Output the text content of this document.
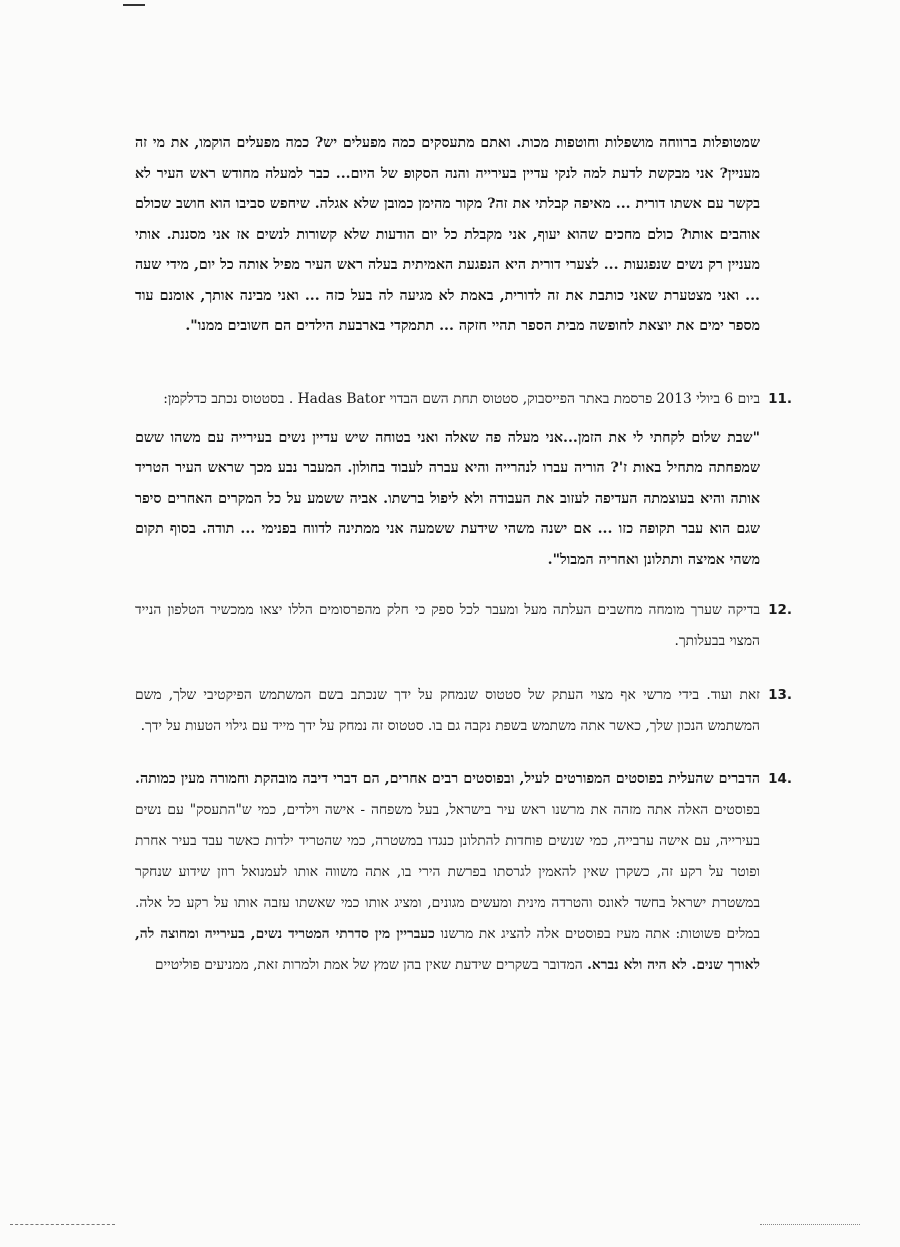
שמטופלות ברווחה מושפלות וחוטפות מכות. ואתם מתעסקים כמה מפעלים יש? כמה מפעלים הוקמו, את מי זה מעניין? אני מבקשת לדעת למה לנקי עדיין בעירייה והנה הסקופ של היום... כבר למעלה מחודש ראש העיר לא בקשר עם אשתו דורית ... מאיפה קבלתי את זה? מקור מהימן כמובן שלא אגלה. שיחפש סביבו הוא חושב שכולם אוהבים אותו? כולם מחכים שהוא יעוף, אני מקבלת כל יום הודעות שלא קשורות לנשים אז אני מסננת. אותי מעניין רק נשים שנפגעות ... לצערי דורית היא הנפגעת האמיתית בעלה ראש העיר מפיל אותה כל יום, מידי שעה ... ואני מצטערת שאני כותבת את זה לדורית, באמת לא מגיעה לה בעל כזה ... ואני מבינה אותך, אומנם עוד מספר ימים את יוצאת לחופשה מבית הספר תהיי חזקה ... תתמקדי בארבעת הילדים הם חשובים ממנו".

11.
ביום 6 ביולי 2013 פרסמת באתר הפייסבוק, סטטוס תחת השם הבדוי Hadas Bator . בסטטוס נכתב כדלקמן:

"שבת שלום לקחתי לי את הזמן...אני מעלה פה שאלה ואני בטוחה שיש עדיין נשים בעירייה עם משהו ששם שמפחתה מתחיל באות ז'? הוריה עברו לנהרייה והיא עברה לעבוד בחולון. המעבר נבע מכך שראש העיר הטריד אותה והיא בעוצמתה העדיפה לעזוב את העבודה ולא ליפול ברשתו. אביה ששמע על כל המקרים האחרים סיפר שגם הוא עבר תקופה כזו ... אם ישנה משהי שידעת ששמעה אני ממתינה לדווח בפנימי ... תודה. בסוף תקום משהי אמיצה ותתלונן ואחריה המבול".

12.
בדיקה שערך מומחה מחשבים העלתה מעל ומעבר לכל ספק כי חלק מהפרסומים הללו יצאו ממכשיר הטלפון הנייד המצוי בבעלותך.

13.
זאת ועוד. בידי מרשי אף מצוי העתק של סטטוס שנמחק על ידך שנכתב בשם המשתמש הפיקטיבי שלך, משם המשתמש הנכון שלך, כאשר אתה משתמש בשפת נקבה גם בו. סטטוס זה נמחק על ידך מייד עם גילוי הטעות על ידך.

14.
הדברים שהעלית בפוסטים המפורטים לעיל, ובפוסטים רבים אחרים, הם דברי דיבה מובהקת וחמורה מעין כמותה. בפוסטים האלה אתה מזהה את מרשנו ראש עיר בישראל, בעל משפחה - אישה וילדים, כמי ש"התעסק" עם נשים בעירייה, עם אישה ערבייה, כמי שנשים פוחדות להתלונן כנגדו במשטרה, כמי שהטריד ילדות כאשר עבד בעיר אחרת ופוטר על רקע זה, כשקרן שאין להאמין לגרסתו בפרשת הירי בו, אתה משווה אותו לעמנואל רוזן שידוע שנחקר במשטרת ישראל בחשד לאונס והטרדה מינית ומעשים מגונים, ומציג אותו כמי שאשתו עזבה אותו על רקע כל אלה. במלים פשוטות: אתה מעיז בפוסטים אלה להציג את מרשנו כעבריין מין סדרתי המטריד נשים, בעירייה ומחוצה לה, לאורך שנים. לא היה ולא נברא. המדובר בשקרים שידעת שאין בהן שמץ של אמת ולמרות זאת, ממניעים פוליטיים
